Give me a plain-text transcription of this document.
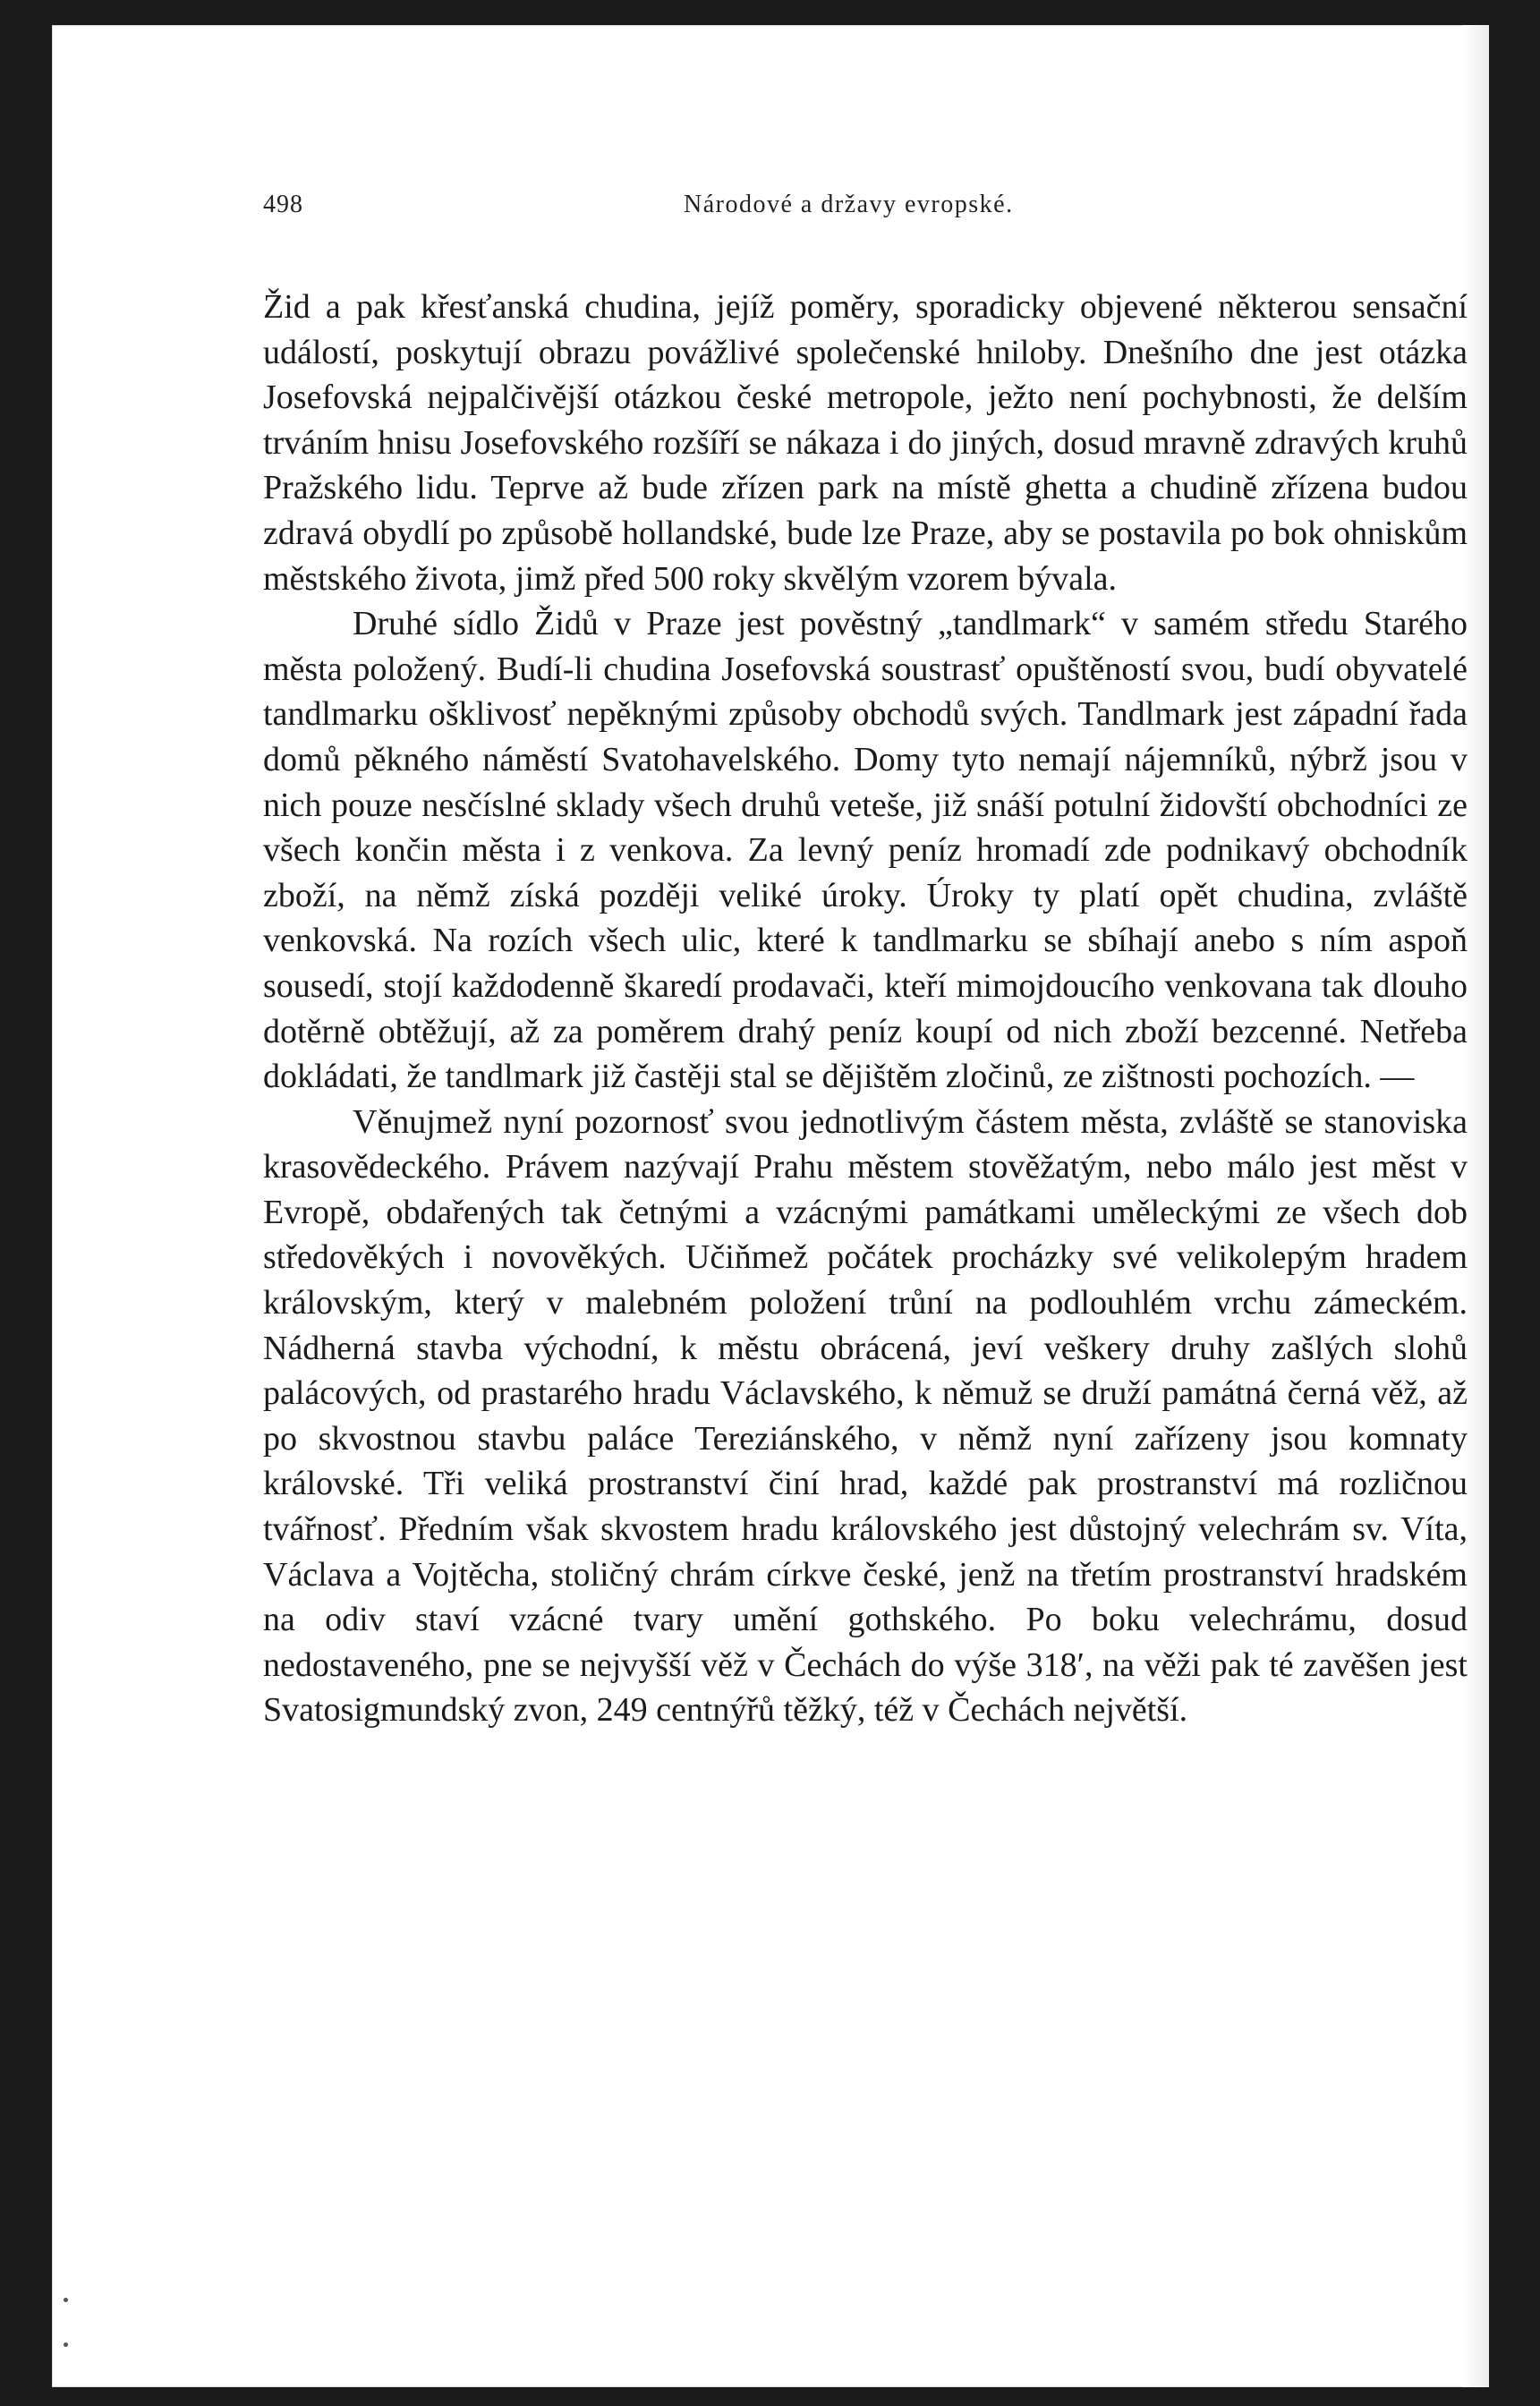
498	Národové a državy evropské.

Žid a pak křesťanská chudina, jejíž poměry, sporadicky objevené některou sensační událostí, poskytují obrazu povážlivé společenské hniloby. Dnešního dne jest otázka Josefovská nejpalčivější otázkou české metropole, ježto není pochybnosti, že delším trváním hnisu Josefovského rozšíří se nákaza i do jiných, dosud mravně zdravých kruhů Pražského lidu. Teprve až bude zřízen park na místě ghetta a chudině zřízena budou zdravá obydlí po způsobě hollandské, bude lze Praze, aby se postavila po bok ohniskům městského života, jimž před 500 roky skvělým vzorem bývala.

Druhé sídlo Židů v Praze jest pověstný „tandlmark“ v samém středu Starého města položený. Budí-li chudina Josefovská soustrasť opuštěností svou, budí obyvatelé tandlmarku ošklivosť nepěknými způsoby obchodů svých. Tandlmark jest západní řada domů pěkného náměstí Svatohavelského. Domy tyto nemají nájemníků, nýbrž jsou v nich pouze nesčíslné sklady všech druhů veteše, již snáší potulní židovští obchodníci ze všech končin města i z venkova. Za levný peníz hromadí zde podnikavý obchodník zboží, na němž získá později veliké úroky. Úroky ty platí opět chudina, zvláště venkovská. Na rozích všech ulic, které k tandlmarku se sbíhají anebo s ním aspoň sousedí, stojí každodenně škaredí prodavači, kteří mimojdoucího venkovana tak dlouho dotěrně obtěžují, až za poměrem drahý peníz koupí od nich zboží bezcenné. Netřeba dokládati, že tandlmark již častěji stal se dějištěm zločinů, ze zištnosti pochozích. —

Věnujmež nyní pozornosť svou jednotlivým částem města, zvláště se stanoviska krasovědeckého. Právem nazývají Prahu městem stověžatým, nebo málo jest měst v Evropě, obdařených tak četnými a vzácnými památkami uměleckými ze všech dob středověkých i novověkých. Učiňmež počátek procházky své velikolepým hradem královským, který v malebném položení trůní na podlouhlém vrchu zámeckém. Nádherná stavba východní, k městu obrácená, jeví veškery druhy zašlých slohů palácových, od prastarého hradu Václavského, k němuž se druží památná černá věž, až po skvostnou stavbu paláce Tereziánského, v němž nyní zařízeny jsou komnaty královské. Tři veliká prostranství činí hrad, každé pak prostranství má rozličnou tvářnosť. Předním však skvostem hradu královského jest důstojný velechrám sv. Víta, Václava a Vojtěcha, stoličný chrám církve české, jenž na třetím prostranství hradském na odiv staví vzácné tvary umění gothského. Po boku velechrámu, dosud nedostaveného, pne se nejvyšší věž v Čechách do výše 318′, na věži pak té zavěšen jest Svatosigmundský zvon, 249 centnýřů těžký, též v Čechách největší.
